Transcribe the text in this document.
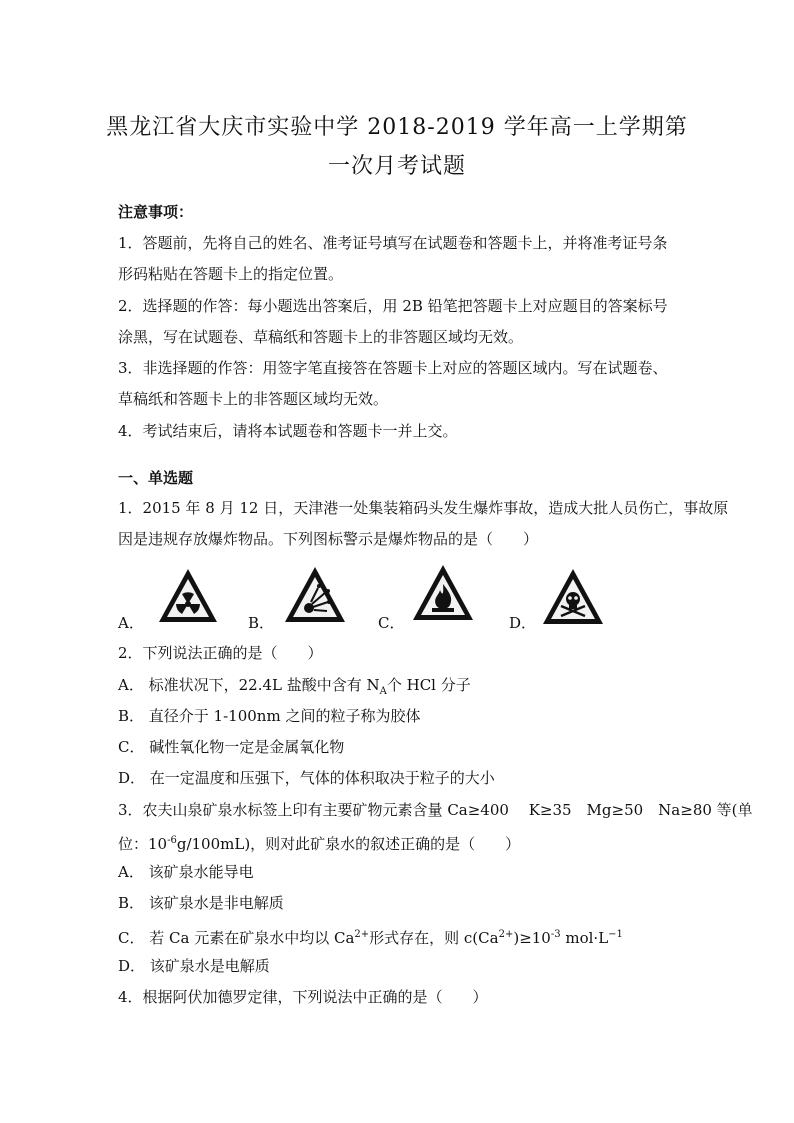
黑龙江省大庆市实验中学 2018-2019 学年高一上学期第
一次月考试题
注意事项：
1．答题前，先将自己的姓名、准考证号填写在试题卷和答题卡上，并将准考证号条
形码粘贴在答题卡上的指定位置。
2．选择题的作答：每小题选出答案后，用 2B 铅笔把答题卡上对应题目的答案标号
涂黑，写在试题卷、草稿纸和答题卡上的非答题区域均无效。
3．非选择题的作答：用签字笔直接答在答题卡上对应的答题区域内。写在试题卷、
草稿纸和答题卡上的非答题区域均无效。
4．考试结束后，请将本试题卷和答题卡一并上交。
一、单选题
1．2015 年 8 月 12 日，天津港一处集装箱码头发生爆炸事故，造成大批人员伤亡，事故原
因是违规存放爆炸物品。下列图标警示是爆炸物品的是（　　）
A．	B．	C．	D．
2．下列说法正确的是（　　）
A． 标准状况下，22.4L 盐酸中含有 $N_A$个 HCl 分子
B． 直径介于 1-100nm 之间的粒子称为胶体
C． 碱性氧化物一定是金属氧化物
D． 在一定温度和压强下，气体的体积取决于粒子的大小
3．农夫山泉矿泉水标签上印有主要矿物元素含量 Ca≥400　 K≥35　Mg≥50　Na≥80 等(单
位：$10^{-6}g/100mL$)，则对此矿泉水的叙述正确的是（　　）
A． 该矿泉水能导电
B． 该矿泉水是非电解质
C． 若 Ca 元素在矿泉水中均以 $Ca^{2+}$形式存在，则 $c(Ca^{2+})\ge 10^{-3}$ $mol\cdot L^{-1}$
D． 该矿泉水是电解质
4．根据阿伏加德罗定律，下列说法中正确的是（　　）
